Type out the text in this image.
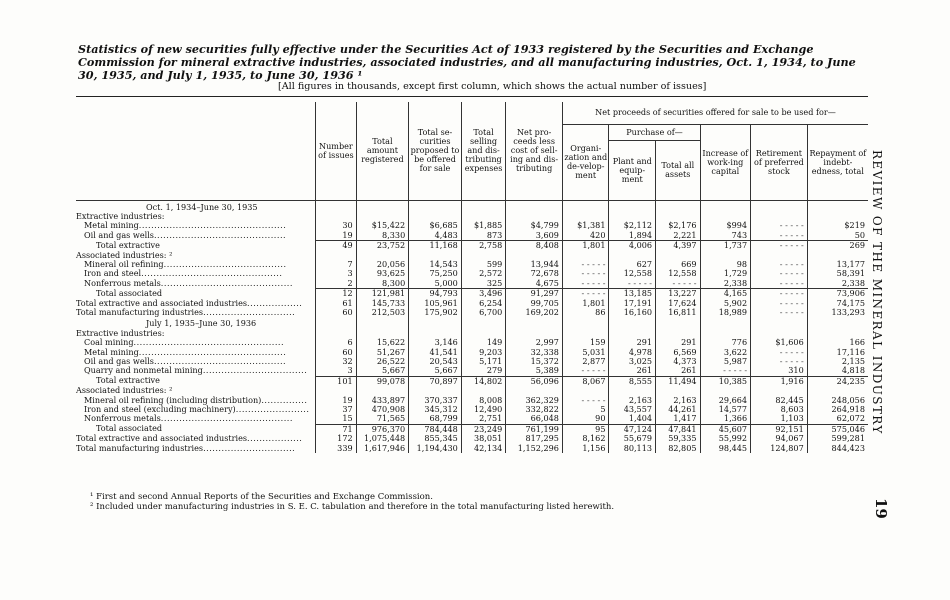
Statistics of new securities fully effective under the Securities Act of 1933 registered by the Securities and Exchange Commission for mineral extractive industries, associated industries, and all manufacturing industries, Oct. 1, 1934, to June 30, 1935, and July 1, 1935, to June 30, 1936 ¹
[All figures in thousands, except first column, which shows the actual number of issues]
	Number of issues	Total amount registered	Total se-curities proposed to be offered for sale	Total selling and dis-tributing expenses	Net pro-ceeds less cost of sell-ing and dis-tributing	Net proceeds of securities offered for sale to be used for—					
						Organi-zation and de-velop-ment	Purchase of—		Increase of work-ing capital	Retirement of preferred stock	Repayment of indebt-edness, total
							Plant and equip-ment	Total all assets			
Oct. 1, 1934–June 30, 1935											
Extractive industries:											
Metal mining................................................	30	$15,422	$6,685	$1,885	$4,799	$1,381	$2,112	$2,176	$994	- - - - -	$219
Oil and gas wells...........................................	19	8,330	4,483	873	3,609	420	1,894	2,221	743	- - - - -	50
Total extractive	49	23,752	11,168	2,758	8,408	1,801	4,006	4,397	1,737	- - - - -	269
Associated industries: ²											
Mineral oil refining........................................	7	20,056	14,543	599	13,944	- - - - -	627	669	98	- - - - -	13,177
Iron and steel..............................................	3	93,625	75,250	2,572	72,678	- - - - -	12,558	12,558	1,729	- - - - -	58,391
Nonferrous metals...........................................	2	8,300	5,000	325	4,675	- - - - -	- - - - -	- - - - -	2,338	- - - - -	2,338
Total associated	12	121,981	94,793	3,496	91,297	- - - - -	13,185	13,227	4,165	- - - - -	73,906
Total extractive and associated industries..................	61	145,733	105,961	6,254	99,705	1,801	17,191	17,624	5,902	- - - - -	74,175
Total manufacturing industries..............................	60	212,503	175,902	6,700	169,202	86	16,160	16,811	18,989	- - - - -	133,293
July 1, 1935–June 30, 1936											
Extractive industries:											
Coal mining.................................................	6	15,622	3,146	149	2,997	159	291	291	776	$1,606	166
Metal mining................................................	60	51,267	41,541	9,203	32,338	5,031	4,978	6,569	3,622	- - - - -	17,116
Oil and gas wells...........................................	32	26,522	20,543	5,171	15,372	2,877	3,025	4,373	5,987	- - - - -	2,135
Quarry and nonmetal mining..................................	3	5,667	5,667	279	5,389	- - - - -	261	261	- - - - -	310	4,818
Total extractive	101	99,078	70,897	14,802	56,096	8,067	8,555	11,494	10,385	1,916	24,235
Associated industries: ²											
Mineral oil refining (including distribution)...............	19	433,897	370,337	8,008	362,329	- - - - -	2,163	2,163	29,664	82,445	248,056
Iron and steel (excluding machinery)........................	37	470,908	345,312	12,490	332,822	5	43,557	44,261	14,577	8,603	264,918
Nonferrous metals...........................................	15	71,565	68,799	2,751	66,048	90	1,404	1,417	1,366	1,103	62,072
Total associated	71	976,370	784,448	23,249	761,199	95	47,124	47,841	45,607	92,151	575,046
Total extractive and associated industries..................	172	1,075,448	855,345	38,051	817,295	8,162	55,679	59,335	55,992	94,067	599,281
Total manufacturing industries..............................	339	1,617,946	1,194,430	42,134	1,152,296	1,156	80,113	82,805	98,445	124,807	844,423
REVIEW OF THE MINERAL INDUSTRY
19
¹ First and second Annual Reports of the Securities and Exchange Commission.
² Included under manufacturing industries in S. E. C. tabulation and therefore in the total manufacturing listed herewith.
